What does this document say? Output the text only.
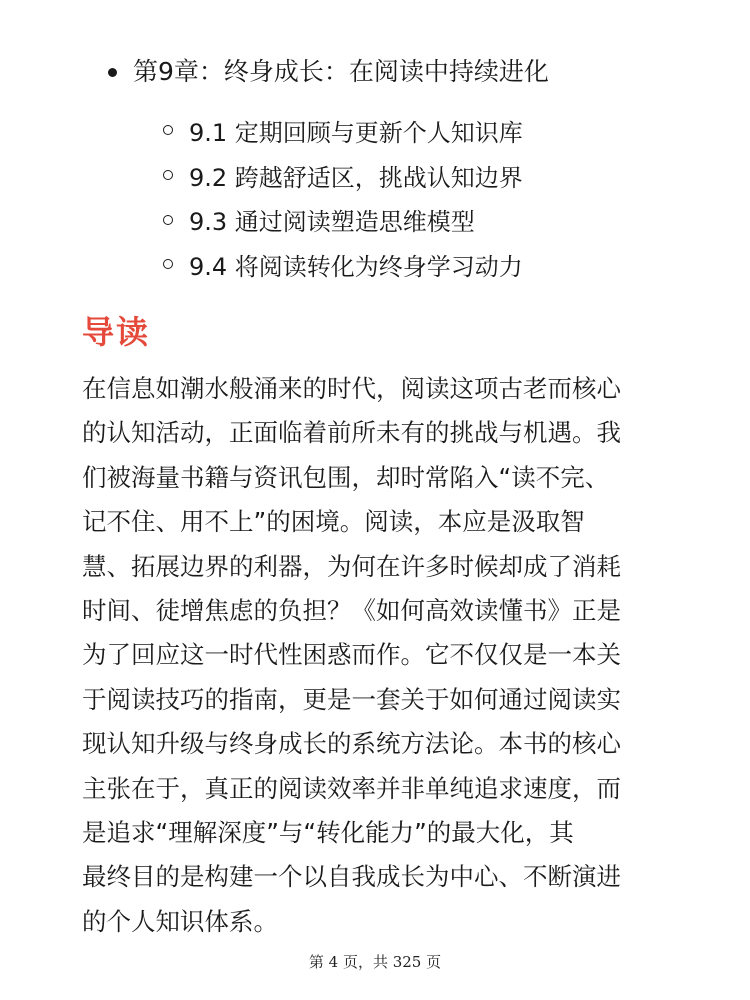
第9章：终身成长：在阅读中持续进化
9.1 定期回顾与更新个人知识库
9.2 跨越舒适区，挑战认知边界
9.3 通过阅读塑造思维模型
9.4 将阅读转化为终身学习动力
导读

在信息如潮水般涌来的时代，阅读这项古老而核心
的认知活动，正面临着前所未有的挑战与机遇。我
们被海量书籍与资讯包围，却时常陷入“读不完、
记不住、用不上”的困境。阅读，本应是汲取智
慧、拓展边界的利器，为何在许多时候却成了消耗
时间、徒增焦虑的负担？《如何高效读懂书》正是
为了回应这一时代性困惑而作。它不仅仅是一本关
于阅读技巧的指南，更是一套关于如何通过阅读实
现认知升级与终身成长的系统方法论。本书的核心
主张在于，真正的阅读效率并非单纯追求速度，而
是追求“理解深度”与“转化能力”的最大化，其
最终目的是构建一个以自我成长为中心、不断演进
的个人知识体系。

第 4 页，共 325 页
